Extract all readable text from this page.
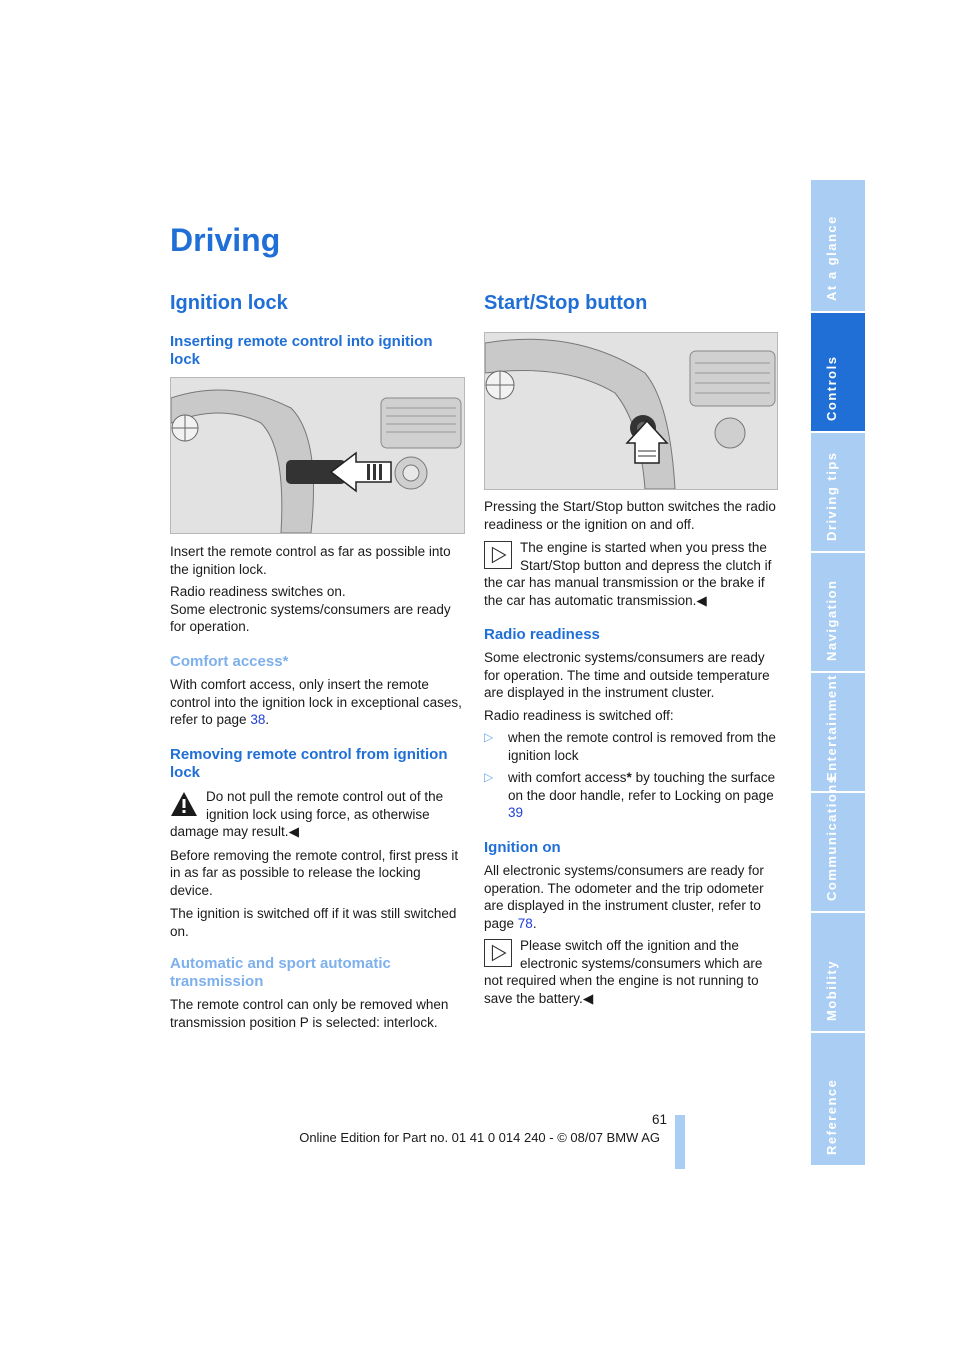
Driving
Ignition lock
Inserting remote control into ignition lock

Insert the remote control as far as possible into the ignition lock.

Radio readiness switches on.

Some electronic systems/consumers are ready for operation.

Comfort access*

With comfort access, only insert the remote control into the ignition lock in exceptional cases, refer to page 38.

Removing remote control from ignition lock

Do not pull the remote control out of the ignition lock using force, as otherwise damage may result.◀

Before removing the remote control, first press it in as far as possible to release the locking device.

The ignition is switched off if it was still switched on.

Automatic and sport automatic transmission

The remote control can only be removed when transmission position P is selected: interlock.

Start/Stop button

Pressing the Start/Stop button switches the radio readiness or the ignition on and off.

The engine is started when you press the Start/Stop button and depress the clutch if the car has manual transmission or the brake if the car has automatic transmission.◀

Radio readiness

Some electronic systems/consumers are ready for operation. The time and outside temperature are displayed in the instrument cluster.

Radio readiness is switched off:

▷ when the remote control is removed from the ignition lock
▷ with comfort access* by touching the surface on the door handle, refer to Locking on page 39
Ignition on

All electronic systems/consumers are ready for operation. The odometer and the trip odometer are displayed in the instrument cluster, refer to page 78.

Please switch off the ignition and the electronic systems/consumers which are not required when the engine is not running to save the battery.◀

61
Online Edition for Part no. 01 41 0 014 240 - © 08/07 BMW AG
At a glance
Controls
Driving tips
Navigation
Entertainment
Communications
Mobility
Reference
